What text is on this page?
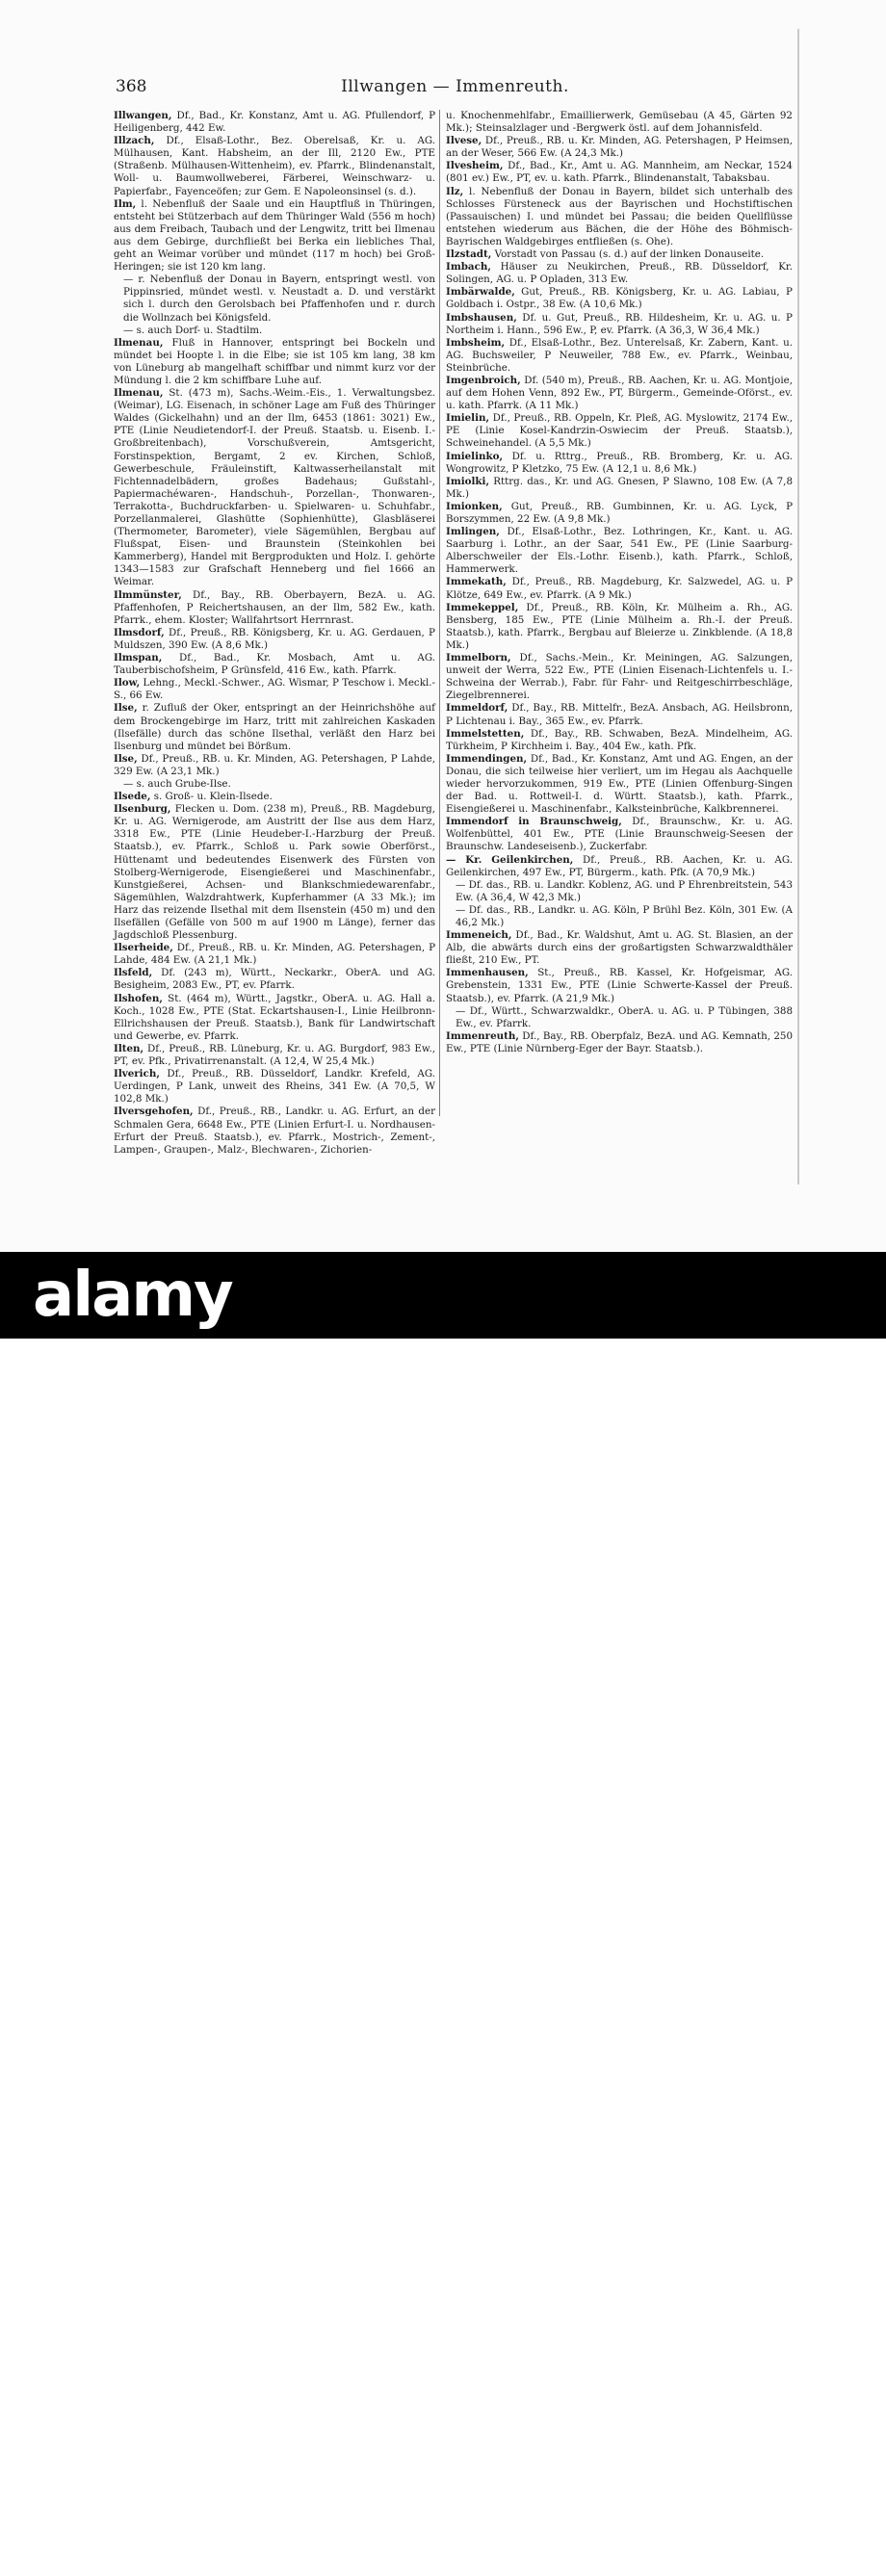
368	Illwangen — Immenreuth.

Illwangen, Df., Bad., Kr. Konstanz, Amt u. AG. Pfullendorf, P Heiligenberg, 442 Ew.

Illzach, Df., Elsaß-Lothr., Bez. Oberelsaß, Kr. u. AG. Mülhausen, Kant. Habsheim, an der Ill, 2120 Ew., PTE (Straßenb. Mülhausen-Wittenheim), ev. Pfarrk., Blindenanstalt, Woll- u. Baumwollweberei, Färberei, Weinschwarz- u. Papierfabr., Fayenceöfen; zur Gem. E Napoleonsinsel (s. d.).

Ilm, l. Nebenfluß der Saale und ein Hauptfluß in Thüringen, entsteht bei Stützerbach auf dem Thüringer Wald (556 m hoch) aus dem Freibach, Taubach und der Lengwitz, tritt bei Ilmenau aus dem Gebirge, durchfließt bei Berka ein liebliches Thal, geht an Weimar vorüber und mündet (117 m hoch) bei Groß-Heringen; sie ist 120 km lang.

— r. Nebenfluß der Donau in Bayern, entspringt westl. von Pippinsried, mündet westl. v. Neustadt a. D. und verstärkt sich l. durch den Gerolsbach bei Pfaffenhofen und r. durch die Wollnzach bei Königsfeld.

— s. auch Dorf- u. Stadtilm.

Ilmenau, Fluß in Hannover, entspringt bei Bockeln und mündet bei Hoopte l. in die Elbe; sie ist 105 km lang, 38 km von Lüneburg ab mangelhaft schiffbar und nimmt kurz vor der Mündung l. die 2 km schiffbare Luhe auf.

Ilmenau, St. (473 m), Sachs.-Weim.-Eis., 1. Verwaltungsbez. (Weimar), LG. Eisenach, in schöner Lage am Fuß des Thüringer Waldes (Gickelhahn) und an der Ilm, 6453 (1861: 3021) Ew., PTE (Linie Neudietendorf-I. der Preuß. Staatsb. u. Eisenb. I.-Großbreitenbach), Vorschußverein, Amtsgericht, Forstinspektion, Bergamt, 2 ev. Kirchen, Schloß, Gewerbeschule, Fräuleinstift, Kaltwasserheilanstalt mit Fichtennadelbädern, großes Badehaus; Gußstahl-, Papiermachéwaren-, Handschuh-, Porzellan-, Thonwaren-, Terrakotta-, Buchdruckfarben- u. Spielwaren- u. Schuhfabr., Porzellanmalerei, Glashütte (Sophienhütte), Glasbläserei (Thermometer, Barometer), viele Sägemühlen, Bergbau auf Flußspat, Eisen- und Braunstein (Steinkohlen bei Kammerberg), Handel mit Bergprodukten und Holz. I. gehörte 1343—1583 zur Grafschaft Henneberg und fiel 1666 an Weimar.

Ilmmünster, Df., Bay., RB. Oberbayern, BezA. u. AG. Pfaffenhofen, P Reichertshausen, an der Ilm, 582 Ew., kath. Pfarrk., ehem. Kloster; Wallfahrtsort Herrnrast.

Ilmsdorf, Df., Preuß., RB. Königsberg, Kr. u. AG. Gerdauen, P Muldszen, 390 Ew. (A 8,6 Mk.)

Ilmspan, Df., Bad., Kr. Mosbach, Amt u. AG. Tauberbischofsheim, P Grünsfeld, 416 Ew., kath. Pfarrk.

Ilow, Lehng., Meckl.-Schwer., AG. Wismar, P Teschow i. Meckl.-S., 66 Ew.

Ilse, r. Zufluß der Oker, entspringt an der Heinrichshöhe auf dem Brockengebirge im Harz, tritt mit zahlreichen Kaskaden (Ilsefälle) durch das schöne Ilsethal, verläßt den Harz bei Ilsenburg und mündet bei Börßum.

Ilse, Df., Preuß., RB. u. Kr. Minden, AG. Petershagen, P Lahde, 329 Ew. (A 23,1 Mk.)

— s. auch Grube-Ilse.

Ilsede, s. Groß- u. Klein-Ilsede.

Ilsenburg, Flecken u. Dom. (238 m), Preuß., RB. Magdeburg, Kr. u. AG. Wernigerode, am Austritt der Ilse aus dem Harz, 3318 Ew., PTE (Linie Heudeber-I.-Harzburg der Preuß. Staatsb.), ev. Pfarrk., Schloß u. Park sowie Oberförst., Hüttenamt und bedeutendes Eisenwerk des Fürsten von Stolberg-Wernigerode, Eisengießerei und Maschinenfabr., Kunstgießerei, Achsen- und Blankschmiedewarenfabr., Sägemühlen, Walzdrahtwerk, Kupferhammer (A 33 Mk.); im Harz das reizende Ilsethal mit dem Ilsenstein (450 m) und den Ilsefällen (Gefälle von 500 m auf 1900 m Länge), ferner das Jagdschloß Plessenburg.

Ilserheide, Df., Preuß., RB. u. Kr. Minden, AG. Petershagen, P Lahde, 484 Ew. (A 21,1 Mk.)

Ilsfeld, Df. (243 m), Württ., Neckarkr., OberA. und AG. Besigheim, 2083 Ew., PT, ev. Pfarrk.

Ilshofen, St. (464 m), Württ., Jagstkr., OberA. u. AG. Hall a. Koch., 1028 Ew., PTE (Stat. Eckartshausen-I., Linie Heilbronn-Ellrichshausen der Preuß. Staatsb.), Bank für Landwirtschaft und Gewerbe, ev. Pfarrk.

Ilten, Df., Preuß., RB. Lüneburg, Kr. u. AG. Burgdorf, 983 Ew., PT, ev. Pfk., Privatirrenanstalt. (A 12,4, W 25,4 Mk.)

Ilverich, Df., Preuß., RB. Düsseldorf, Landkr. Krefeld, AG. Uerdingen, P Lank, unweit des Rheins, 341 Ew. (A 70,5, W 102,8 Mk.)

Ilversgehofen, Df., Preuß., RB., Landkr. u. AG. Erfurt, an der Schmalen Gera, 6648 Ew., PTE (Linien Erfurt-I. u. Nordhausen-Erfurt der Preuß. Staatsb.), ev. Pfarrk., Mostrich-, Zement-, Lampen-, Graupen-, Malz-, Blechwaren-, Zichorien-

u. Knochenmehlfabr., Emaillierwerk, Gemüsebau (A 45, Gärten 92 Mk.); Steinsalzlager und -Bergwerk östl. auf dem Johannisfeld.

Ilvese, Df., Preuß., RB. u. Kr. Minden, AG. Petershagen, P Heimsen, an der Weser, 566 Ew. (A 24,3 Mk.)

Ilvesheim, Df., Bad., Kr., Amt u. AG. Mannheim, am Neckar, 1524 (801 ev.) Ew., PT, ev. u. kath. Pfarrk., Blindenanstalt, Tabaksbau.

Ilz, l. Nebenfluß der Donau in Bayern, bildet sich unterhalb des Schlosses Fürsteneck aus der Bayrischen und Hochstiftischen (Passauischen) I. und mündet bei Passau; die beiden Quellflüsse entstehen wiederum aus Bächen, die der Höhe des Böhmisch-Bayrischen Waldgebirges entfließen (s. Ohe).

Ilzstadt, Vorstadt von Passau (s. d.) auf der linken Donauseite.

Imbach, Häuser zu Neukirchen, Preuß., RB. Düsseldorf, Kr. Solingen, AG. u. P Opladen, 313 Ew.

Imbärwalde, Gut, Preuß., RB. Königsberg, Kr. u. AG. Labiau, P Goldbach i. Ostpr., 38 Ew. (A 10,6 Mk.)

Imbshausen, Df. u. Gut, Preuß., RB. Hildesheim, Kr. u. AG. u. P Northeim i. Hann., 596 Ew., P, ev. Pfarrk. (A 36,3, W 36,4 Mk.)

Imbsheim, Df., Elsaß-Lothr., Bez. Unterelsaß, Kr. Zabern, Kant. u. AG. Buchsweiler, P Neuweiler, 788 Ew., ev. Pfarrk., Weinbau, Steinbrüche.

Imgenbroich, Df. (540 m), Preuß., RB. Aachen, Kr. u. AG. Montjoie, auf dem Hohen Venn, 892 Ew., PT, Bürgerm., Gemeinde-Oförst., ev. u. kath. Pfarrk. (A 11 Mk.)

Imielin, Df., Preuß., RB. Oppeln, Kr. Pleß, AG. Myslowitz, 2174 Ew., PE (Linie Kosel-Kandrzin-Oswiecim der Preuß. Staatsb.), Schweinehandel. (A 5,5 Mk.)

Imielinko, Df. u. Rttrg., Preuß., RB. Bromberg, Kr. u. AG. Wongrowitz, P Kletzko, 75 Ew. (A 12,1 u. 8,6 Mk.)

Imiolki, Rttrg. das., Kr. und AG. Gnesen, P Slawno, 108 Ew. (A 7,8 Mk.)

Imionken, Gut, Preuß., RB. Gumbinnen, Kr. u. AG. Lyck, P Borszymmen, 22 Ew. (A 9,8 Mk.)

Imlingen, Df., Elsaß-Lothr., Bez. Lothringen, Kr., Kant. u. AG. Saarburg i. Lothr., an der Saar, 541 Ew., PE (Linie Saarburg-Alberschweiler der Els.-Lothr. Eisenb.), kath. Pfarrk., Schloß, Hammerwerk.

Immekath, Df., Preuß., RB. Magdeburg, Kr. Salzwedel, AG. u. P Klötze, 649 Ew., ev. Pfarrk. (A 9 Mk.)

Immekeppel, Df., Preuß., RB. Köln, Kr. Mülheim a. Rh., AG. Bensberg, 185 Ew., PTE (Linie Mülheim a. Rh.-I. der Preuß. Staatsb.), kath. Pfarrk., Bergbau auf Bleierze u. Zinkblende. (A 18,8 Mk.)

Immelborn, Df., Sachs.-Mein., Kr. Meiningen, AG. Salzungen, unweit der Werra, 522 Ew., PTE (Linien Eisenach-Lichtenfels u. I.-Schweina der Werrab.), Fabr. für Fahr- und Reitgeschirrbeschläge, Ziegelbrennerei.

Immeldorf, Df., Bay., RB. Mittelfr., BezA. Ansbach, AG. Heilsbronn, P Lichtenau i. Bay., 365 Ew., ev. Pfarrk.

Immelstetten, Df., Bay., RB. Schwaben, BezA. Mindelheim, AG. Türkheim, P Kirchheim i. Bay., 404 Ew., kath. Pfk.

Immendingen, Df., Bad., Kr. Konstanz, Amt und AG. Engen, an der Donau, die sich teilweise hier verliert, um im Hegau als Aachquelle wieder hervorzukommen, 919 Ew., PTE (Linien Offenburg-Singen der Bad. u. Rottweil-I. d. Württ. Staatsb.), kath. Pfarrk., Eisengießerei u. Maschinenfabr., Kalksteinbrüche, Kalkbrennerei.

Immendorf in Braunschweig, Df., Braunschw., Kr. u. AG. Wolfenbüttel, 401 Ew., PTE (Linie Braunschweig-Seesen der Braunschw. Landeseisenb.), Zuckerfabr.

— Kr. Geilenkirchen, Df., Preuß., RB. Aachen, Kr. u. AG. Geilenkirchen, 497 Ew., PT, Bürgerm., kath. Pfk. (A 70,9 Mk.)

— Df. das., RB. u. Landkr. Koblenz, AG. und P Ehrenbreitstein, 543 Ew. (A 36,4, W 42,3 Mk.)

— Df. das., RB., Landkr. u. AG. Köln, P Brühl Bez. Köln, 301 Ew. (A 46,2 Mk.)

Immeneich, Df., Bad., Kr. Waldshut, Amt u. AG. St. Blasien, an der Alb, die abwärts durch eins der großartigsten Schwarzwaldthäler fließt, 210 Ew., PT.

Immenhausen, St., Preuß., RB. Kassel, Kr. Hofgeismar, AG. Grebenstein, 1331 Ew., PTE (Linie Schwerte-Kassel der Preuß. Staatsb.), ev. Pfarrk. (A 21,9 Mk.)

— Df., Württ., Schwarzwaldkr., OberA. u. AG. u. P Tübingen, 388 Ew., ev. Pfarrk.

Immenreuth, Df., Bay., RB. Oberpfalz, BezA. und AG. Kemnath, 250 Ew., PTE (Linie Nürnberg-Eger der Bayr. Staatsb.).

alamy
J37XFT
www.alamy.com
